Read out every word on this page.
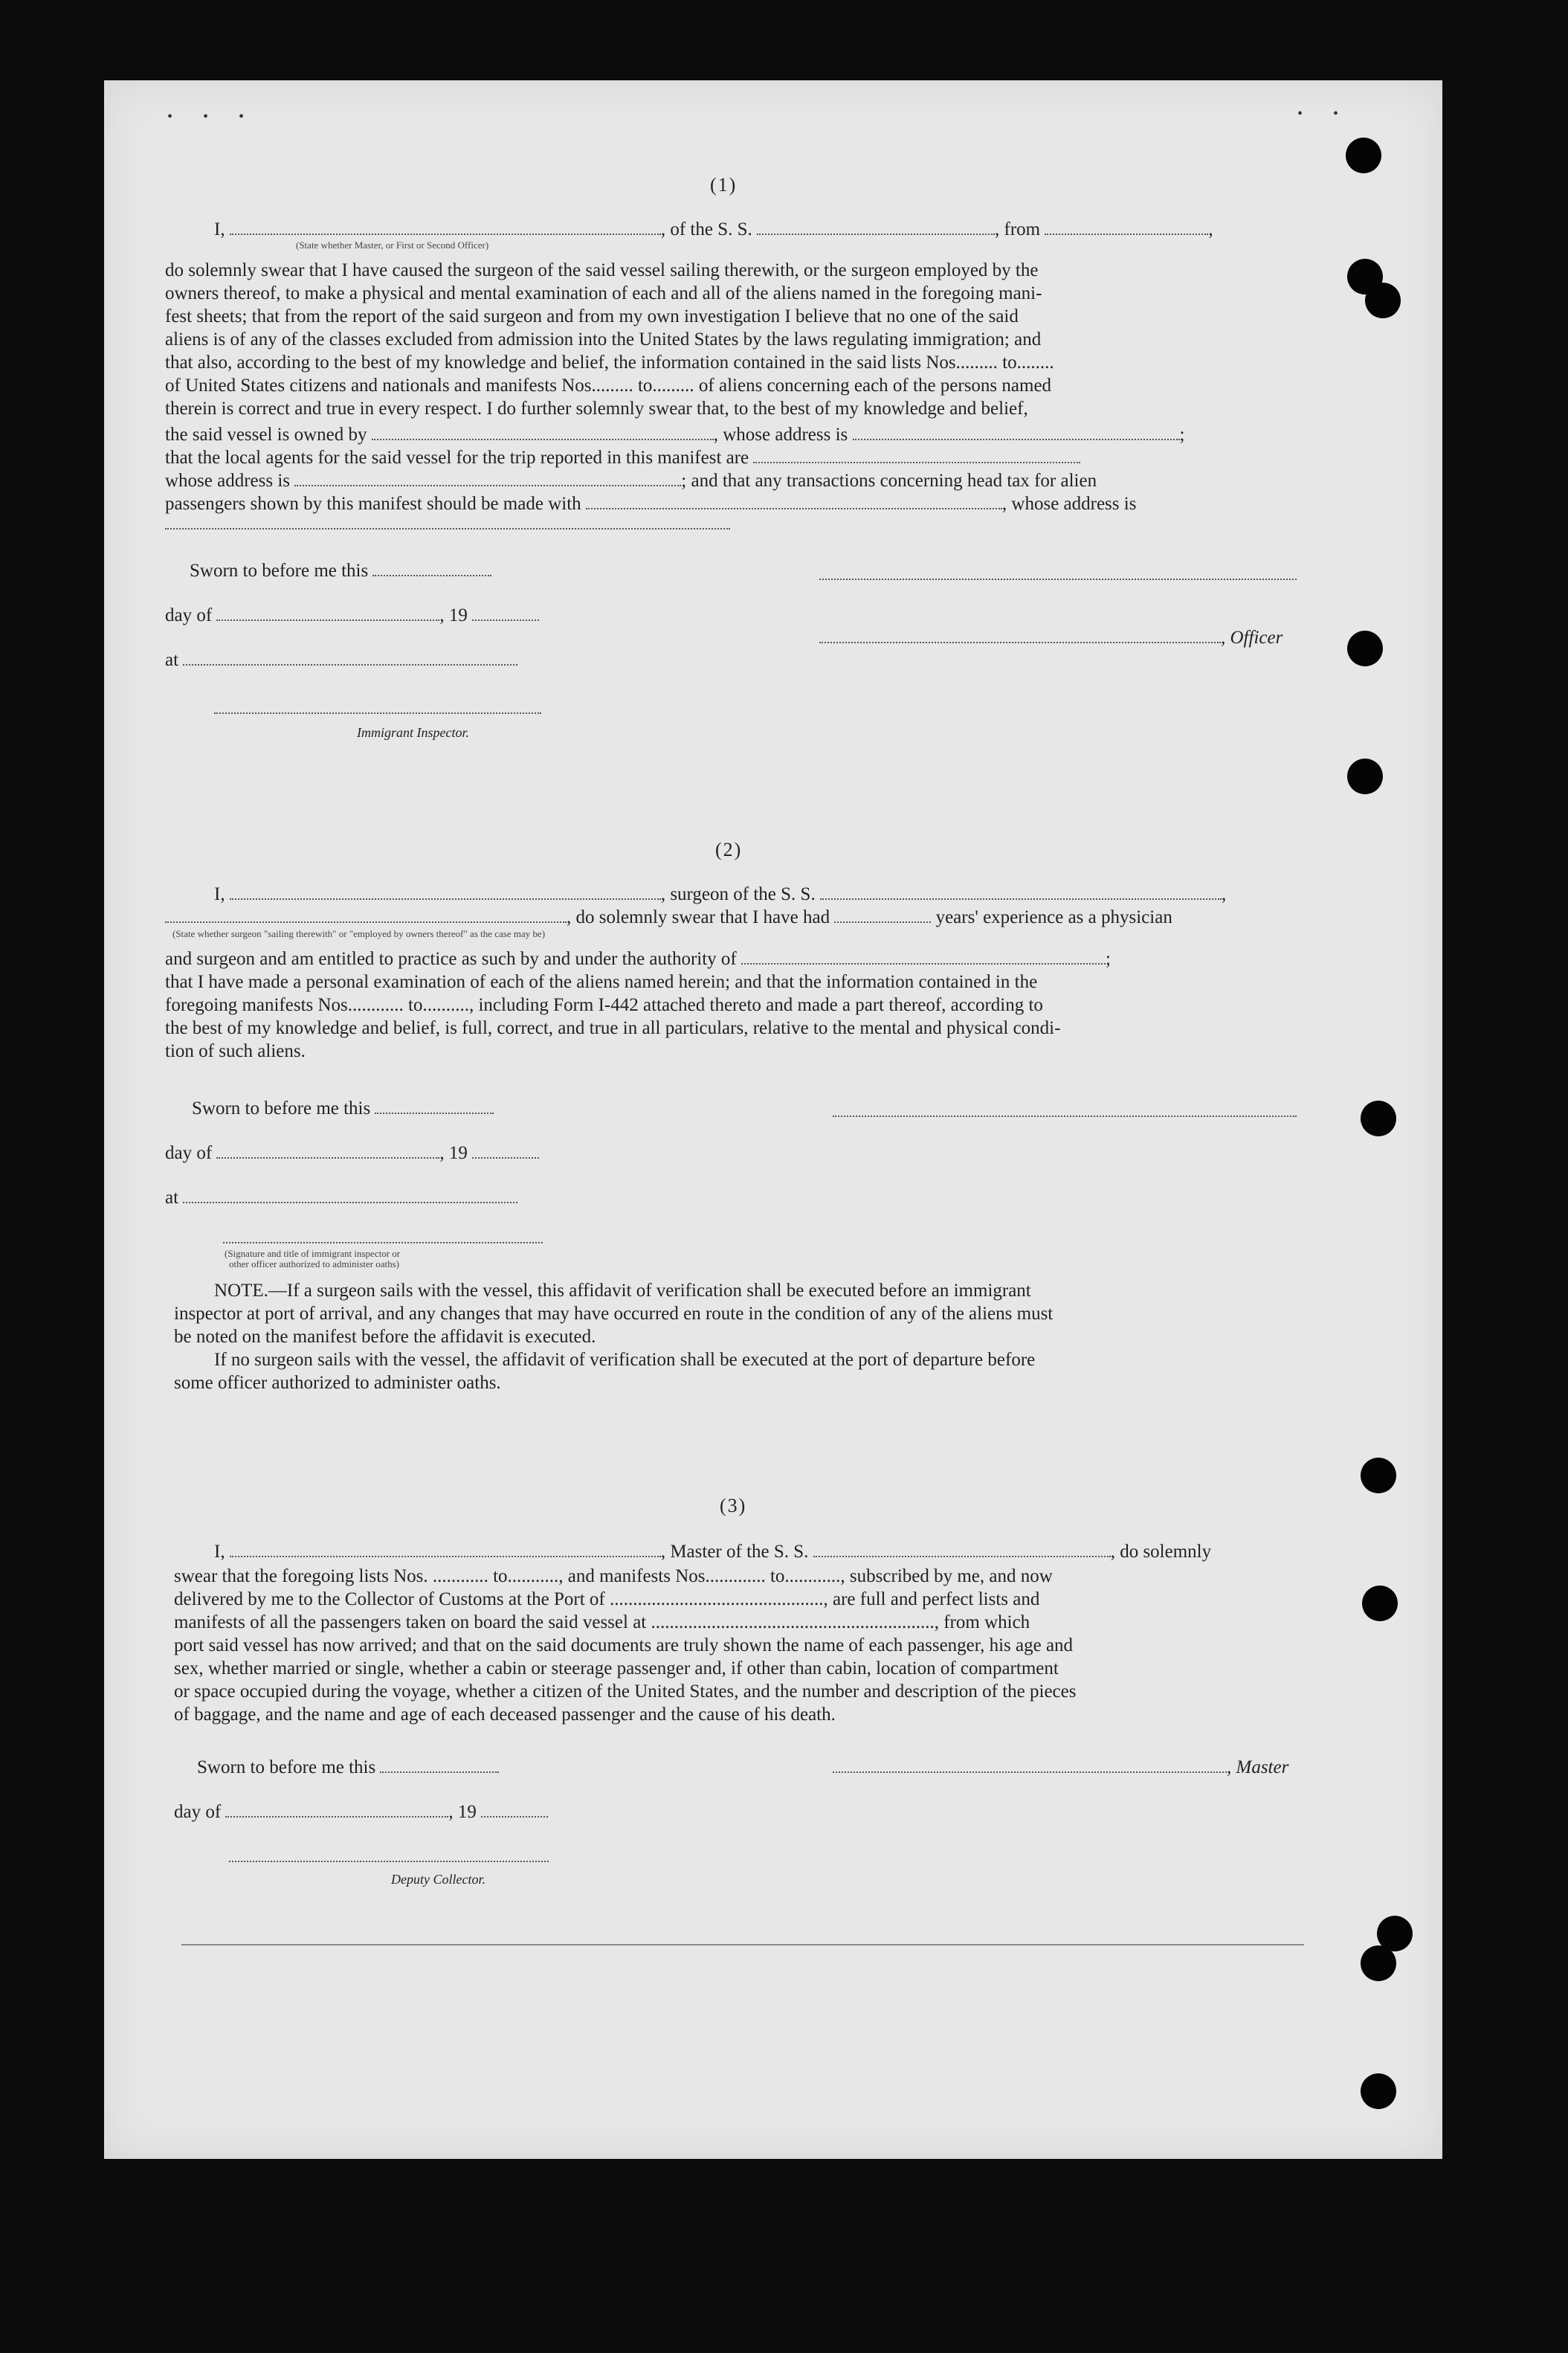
• • •	• •
(1)
I,	, of the S. S.	, from	,
(State whether Master, or First or Second Officer)
do solemnly swear that I have caused the surgeon of the said vessel sailing therewith, or the surgeon employed by the
owners thereof, to make a physical and mental examination of each and all of the aliens named in the foregoing mani-
fest sheets; that from the report of the said surgeon and from my own investigation I believe that no one of the said
aliens is of any of the classes excluded from admission into the United States by the laws regulating immigration; and
that also, according to the best of my knowledge and belief, the information contained in the said lists Nos......... to........
of United States citizens and nationals and manifests Nos......... to......... of aliens concerning each of the persons named
therein is correct and true in every respect. I do further solemnly swear that, to the best of my knowledge and belief,
the said vessel is owned by	, whose address is	;
that the local agents for the said vessel for the trip reported in this manifest are
whose address is	; and that any transactions concerning head tax for alien
passengers shown by this manifest should be made with	, whose address is
Sworn to before me this
day of	, 19
, Officer
at
Immigrant Inspector.
(2)
I,	, surgeon of the S. S.	,
, do solemnly swear that I have had	years' experience as a physician
(State whether surgeon "sailing therewith" or "employed by owners thereof" as the case may be)
and surgeon and am entitled to practice as such by and under the authority of	;
that I have made a personal examination of each of the aliens named herein; and that the information contained in the
foregoing manifests Nos............ to.........., including Form I-442 attached thereto and made a part thereof, according to
the best of my knowledge and belief, is full, correct, and true in all particulars, relative to the mental and physical condi-
tion of such aliens.
Sworn to before me this
day of	, 19
at
(Signature and title of immigrant inspector or
other officer authorized to administer oaths)
NOTE.—If a surgeon sails with the vessel, this affidavit of verification shall be executed before an immigrant
inspector at port of arrival, and any changes that may have occurred en route in the condition of any of the aliens must
be noted on the manifest before the affidavit is executed.
If no surgeon sails with the vessel, the affidavit of verification shall be executed at the port of departure before
some officer authorized to administer oaths.
(3)
I,	, Master of the S. S.	, do solemnly
swear that the foregoing lists Nos. ............ to..........., and manifests Nos............. to............, subscribed by me, and now
delivered by me to the Collector of Customs at the Port of .............................................., are full and perfect lists and
manifests of all the passengers taken on board the said vessel at ............................................................., from which
port said vessel has now arrived; and that on the said documents are truly shown the name of each passenger, his age and
sex, whether married or single, whether a cabin or steerage passenger and, if other than cabin, location of compartment
or space occupied during the voyage, whether a citizen of the United States, and the number and description of the pieces
of baggage, and the name and age of each deceased passenger and the cause of his death.
Sworn to before me this	, Master
day of	, 19
Deputy Collector.
